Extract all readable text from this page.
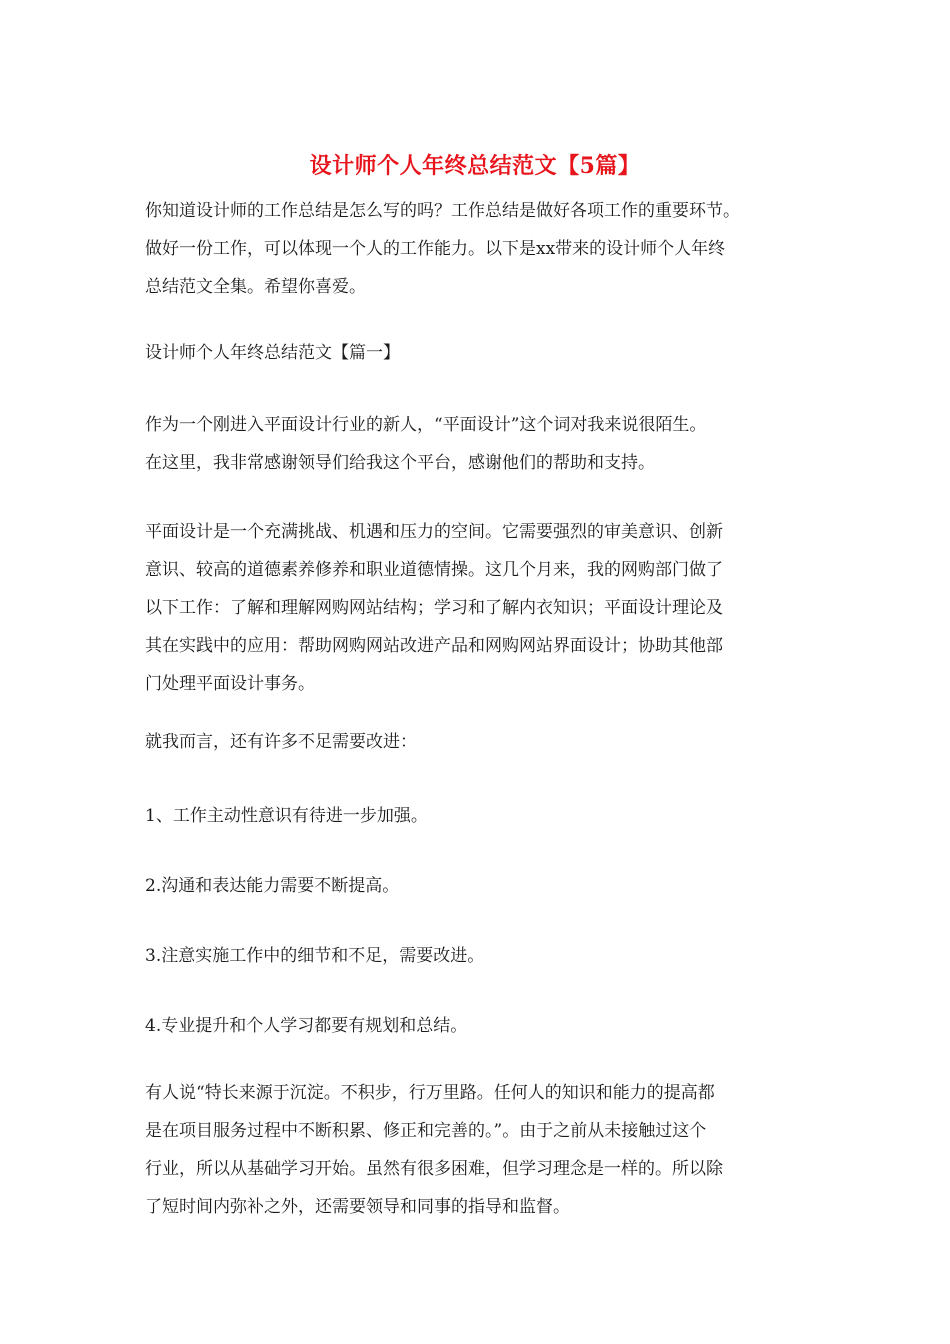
设计师个人年终总结范文【5篇】
你知道设计师的工作总结是怎么写的吗？工作总结是做好各项工作的重要环节。
做好一份工作，可以体现一个人的工作能力。以下是xx带来的设计师个人年终
总结范文全集。希望你喜爱。
设计师个人年终总结范文【篇一】
作为一个刚进入平面设计行业的新人，“平面设计”这个词对我来说很陌生。
在这里，我非常感谢领导们给我这个平台，感谢他们的帮助和支持。
平面设计是一个充满挑战、机遇和压力的空间。它需要强烈的审美意识、创新
意识、较高的道德素养修养和职业道德情操。这几个月来，我的网购部门做了
以下工作：了解和理解网购网站结构；学习和了解内衣知识；平面设计理论及
其在实践中的应用：帮助网购网站改进产品和网购网站界面设计；协助其他部
门处理平面设计事务。
就我而言，还有许多不足需要改进：
1、工作主动性意识有待进一步加强。
2.沟通和表达能力需要不断提高。
3.注意实施工作中的细节和不足，需要改进。
4.专业提升和个人学习都要有规划和总结。
有人说“特长来源于沉淀。不积步，行万里路。任何人的知识和能力的提高都
是在项目服务过程中不断积累、修正和完善的。”。由于之前从未接触过这个
行业，所以从基础学习开始。虽然有很多困难，但学习理念是一样的。所以除
了短时间内弥补之外，还需要领导和同事的指导和监督。
